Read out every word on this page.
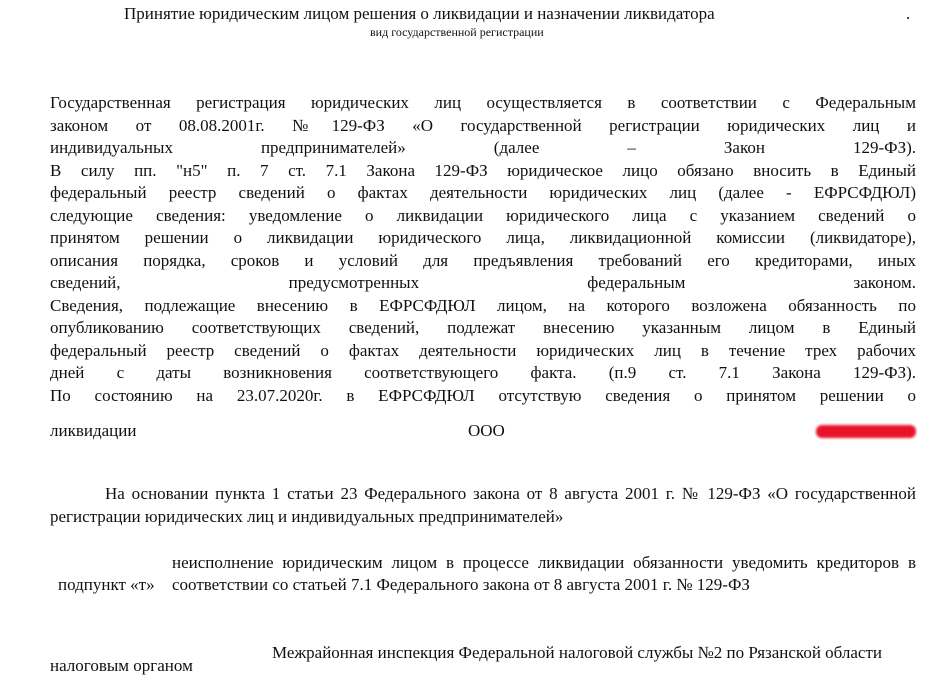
Принятие юридическим лицом решения о ликвидации и назначении ликвидатора	.
вид государственной регистрации
Государственная регистрация юридических лиц осуществляется в соответствии с Федеральным
законом от 08.08.2001г. №129-ФЗ «О государственной регистрации юридических лиц и
индивидуальных предпринимателей» (далее – Закон 129-ФЗ).
В силу пп. "н5" п. 7 ст. 7.1 Закона 129-ФЗ юридическое лицо обязано вносить в Единый
федеральный реестр сведений о фактах деятельности юридических лиц (далее - ЕФРСФДЮЛ)
следующие сведения: уведомление о ликвидации юридического лица с указанием сведений о
принятом решении о ликвидации юридического лица, ликвидационной комиссии (ликвидаторе),
описания порядка, сроков и условий для предъявления требований его кредиторами, иных
сведений, предусмотренных федеральным законом.
Сведения, подлежащие внесению в ЕФРСФДЮЛ лицом, на которого возложена обязанность по
опубликованию соответствующих сведений, подлежат внесению указанным лицом в Единый
федеральный реестр сведений о фактах деятельности юридических лиц в течение трех рабочих
дней с даты возникновения соответствующего факта. (п.9 ст. 7.1 Закона 129-ФЗ).
По состоянию на 23.07.2020г. в ЕФРСФДЮЛ отсутствую сведения о принятом решении о
ликвидации	ООО
На основании пункта 1 статьи 23 Федерального закона от 8 августа 2001 г. № 129-ФЗ «О государственной регистрации юридических лиц и индивидуальных предпринимателей»
подпункт «т»
неисполнение юридическим лицом в процессе ликвидации обязанности уведомить кредиторов в соответствии со статьей 7.1 Федерального закона от 8 августа 2001 г. № 129-ФЗ
налоговым органом
Межрайонная инспекция Федеральной налоговой службы №2 по Рязанской области
